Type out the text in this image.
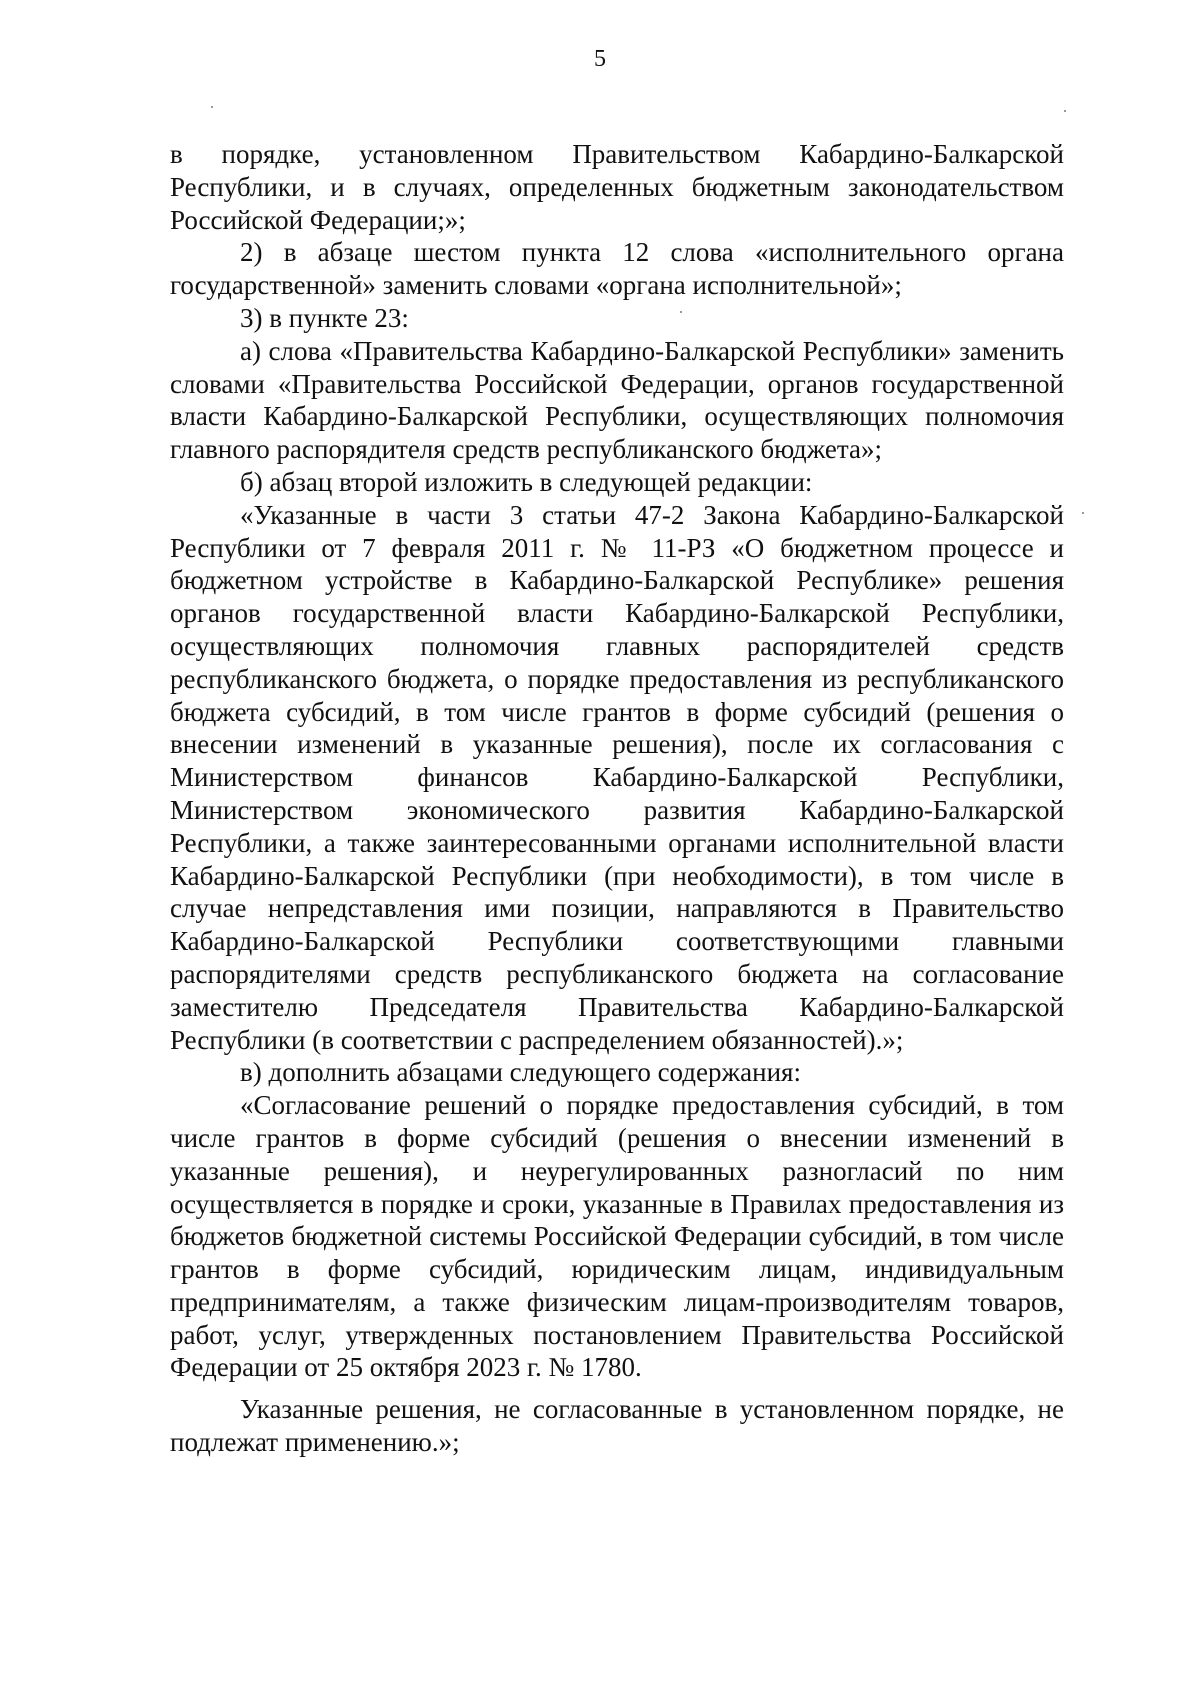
5

в порядке, установленном Правительством Кабардино-Балкарской Республики, и в случаях, определенных бюджетным законодательством Российской Федерации;»;

2) в абзаце шестом пункта 12 слова «исполнительного органа государственной» заменить словами «органа исполнительной»;

3) в пункте 23:

а) слова «Правительства Кабардино-Балкарской Республики» заменить словами «Правительства Российской Федерации, органов государственной власти Кабардино-Балкарской Республики, осуществляющих полномочия главного распорядителя средств республиканского бюджета»;

б) абзац второй изложить в следующей редакции:

«Указанные в части 3 статьи 47-2 Закона Кабардино-Балкарской Республики от 7 февраля 2011 г. № 11-РЗ «О бюджетном процессе и бюджетном устройстве в Кабардино-Балкарской Республике» решения органов государственной власти Кабардино-Балкарской Республики, осуществляющих полномочия главных распорядителей средств республиканского бюджета, о порядке предоставления из республиканского бюджета субсидий, в том числе грантов в форме субсидий (решения о внесении изменений в указанные решения), после их согласования с Министерством финансов Кабардино-Балкарской Республики, Министерством экономического развития Кабардино-Балкарской Республики, а также заинтересованными органами исполнительной власти Кабардино-Балкарской Республики (при необходимости), в том числе в случае непредставления ими позиции, направляются в Правительство Кабардино-Балкарской Республики соответствующими главными распорядителями средств республиканского бюджета на согласование заместителю Председателя Правительства Кабардино-Балкарской Республики (в соответствии с распределением обязанностей).»;

в) дополнить абзацами следующего содержания:

«Согласование решений о порядке предоставления субсидий, в том числе грантов в форме субсидий (решения о внесении изменений в указанные решения), и неурегулированных разногласий по ним осуществляется в порядке и сроки, указанные в Правилах предоставления из бюджетов бюджетной системы Российской Федерации субсидий, в том числе грантов в форме субсидий, юридическим лицам, индивидуальным предпринимателям, а также физическим лицам-производителям товаров, работ, услуг, утвержденных постановлением Правительства Российской Федерации от 25 октября 2023 г. № 1780.

Указанные решения, не согласованные в установленном порядке, не подлежат применению.»;
